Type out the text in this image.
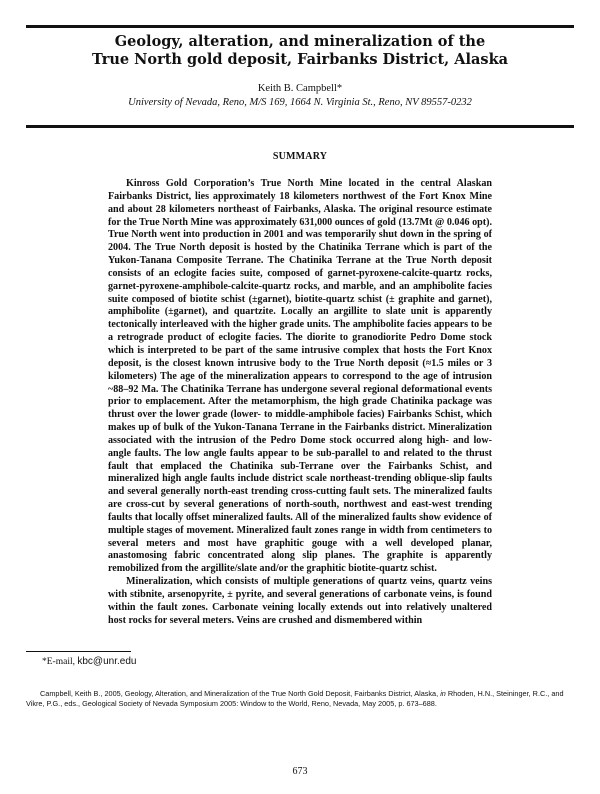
Geology, alteration, and mineralization of the
True North gold deposit, Fairbanks District, Alaska
Keith B. Campbell*
University of Nevada, Reno, M/S 169, 1664 N. Virginia St., Reno, NV 89557-0232
SUMMARY

Kinross Gold Corporation’s True North Mine located in the central Alaskan Fairbanks District, lies approximately 18 kilometers northwest of the Fort Knox Mine and about 28 kilometers northeast of Fairbanks, Alaska. The original resource estimate for the True North Mine was approximately 631,000 ounces of gold (13.7Mt @ 0.046 opt). True North went into production in 2001 and was temporarily shut down in the spring of 2004. The True North deposit is hosted by the Chatinika Terrane which is part of the Yukon-Tanana Composite Terrane. The Chatinika Terrane at the True North deposit consists of an eclogite facies suite, composed of garnet-pyroxene-calcite-quartz rocks, garnet-pyroxene-amphibole-calcite-quartz rocks, and marble, and an amphibolite facies suite composed of biotite schist (±garnet), biotite-quartz schist (± graphite and garnet), amphibolite (±garnet), and quartzite. Locally an argillite to slate unit is apparently tectonically interleaved with the higher grade units. The amphibolite facies appears to be a retrograde product of eclogite facies. The diorite to granodiorite Pedro Dome stock which is interpreted to be part of the same intrusive complex that hosts the Fort Knox deposit, is the closest known intrusive body to the True North deposit (≈1.5 miles or 3 kilometers) The age of the mineralization appears to correspond to the age of intrusion ~88–92 Ma. The Chatinika Terrane has undergone several regional deformational events prior to emplacement. After the metamorphism, the high grade Chatinika package was thrust over the lower grade (lower- to middle-amphibole facies) Fairbanks Schist, which makes up of bulk of the Yukon-Tanana Terrane in the Fairbanks district. Mineralization associated with the intrusion of the Pedro Dome stock occurred along high- and low-angle faults. The low angle faults appear to be sub-parallel to and related to the thrust fault that emplaced the Chatinika sub-Terrane over the Fairbanks Schist, and mineralized high angle faults include district scale northeast-trending oblique-slip faults and several generally north-east trending cross-cutting fault sets. The mineralized faults are cross-cut by several generations of north-south, northwest and east-west trending faults that locally offset mineralized faults. All of the mineralized faults show evidence of multiple stages of movement. Mineralized fault zones range in width from centimeters to several meters and most have graphitic gouge with a well developed planar, anastomosing fabric concentrated along slip planes. The graphite is apparently remobilized from the argillite/slate and/or the graphitic biotite-quartz schist.

Mineralization, which consists of multiple generations of quartz veins, quartz veins with stibnite, arsenopyrite, ± pyrite, and several generations of carbonate veins, is found within the fault zones. Carbonate veining locally extends out into relatively unaltered host rocks for several meters. Veins are crushed and dismembered within

*E-mail, kbc@unr.edu
Campbell, Keith B., 2005, Geology, Alteration, and Mineralization of the True North Gold Deposit, Fairbanks District, Alaska, in Rhoden, H.N., Steininger, R.C., and Vikre, P.G., eds., Geological Society of Nevada Symposium 2005: Window to the World, Reno, Nevada, May 2005, p. 673–688.
673
